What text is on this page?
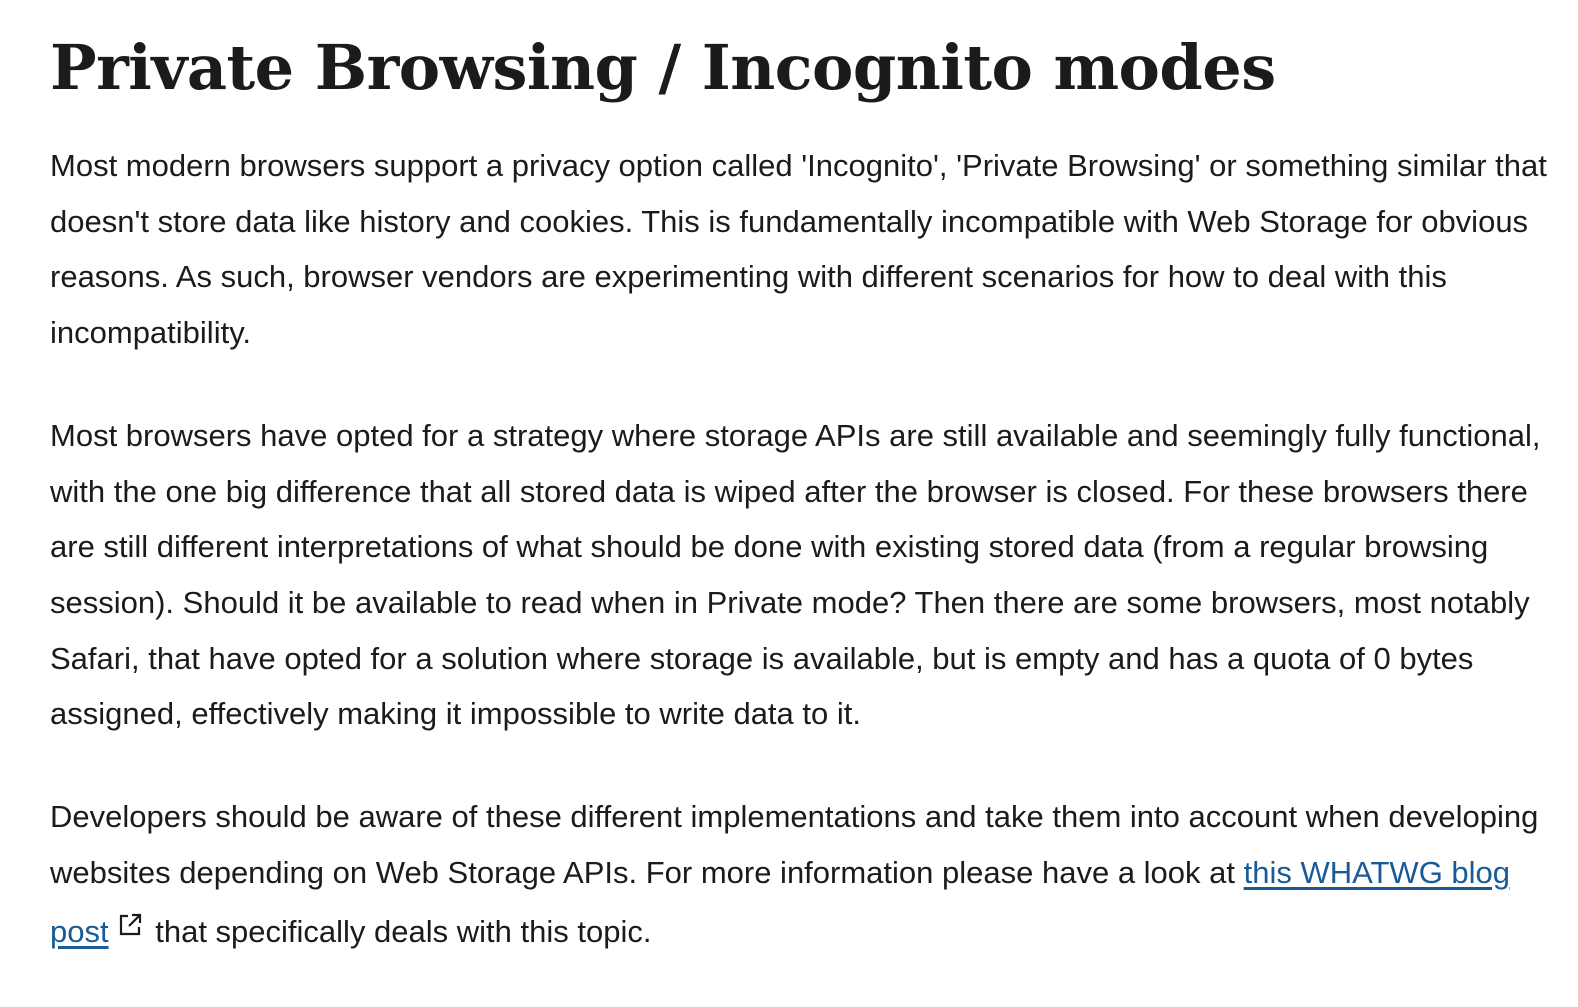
Private Browsing / Incognito modes

Most modern browsers support a privacy option called 'Incognito', 'Private Browsing' or something similar that doesn't store data like history and cookies. This is fundamentally incompatible with Web Storage for obvious reasons. As such, browser vendors are experimenting with different scenarios for how to deal with this incompatibility.

Most browsers have opted for a strategy where storage APIs are still available and seemingly fully functional, with the one big difference that all stored data is wiped after the browser is closed. For these browsers there are still different interpretations of what should be done with existing stored data (from a regular browsing session). Should it be available to read when in Private mode? Then there are some browsers, most notably Safari, that have opted for a solution where storage is available, but is empty and has a quota of 0 bytes assigned, effectively making it impossible to write data to it.

Developers should be aware of these different implementations and take them into account when developing websites depending on Web Storage APIs. For more information please have a look at this WHATWG blog post that specifically deals with this topic.
